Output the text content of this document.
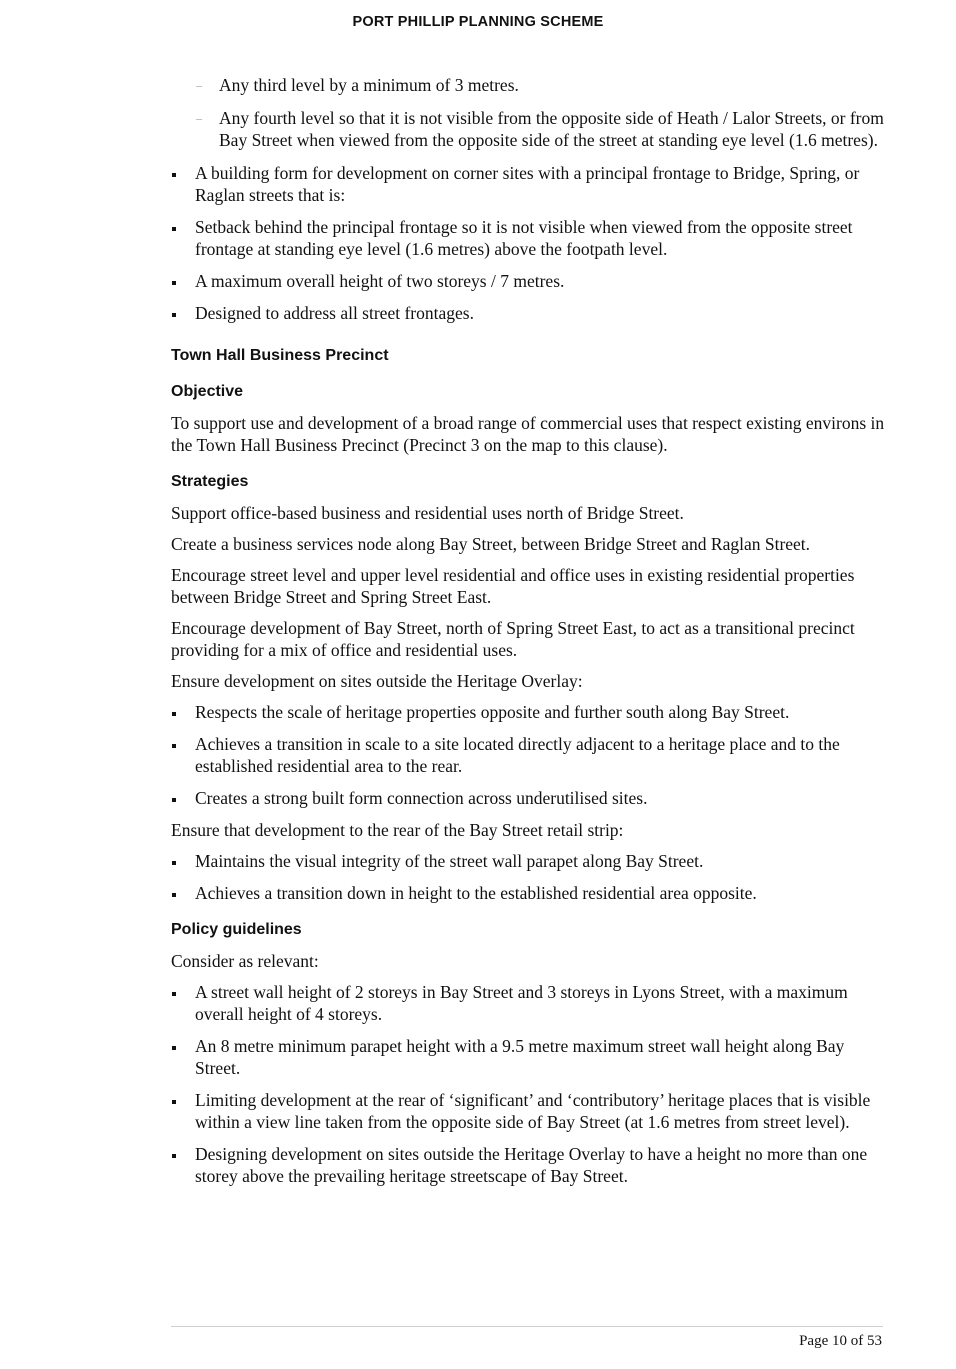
PORT PHILLIP PLANNING SCHEME
– Any third level by a minimum of 3 metres.
– Any fourth level so that it is not visible from the opposite side of Heath / Lalor Streets, or from Bay Street when viewed from the opposite side of the street at standing eye level (1.6 metres).
A building form for development on corner sites with a principal frontage to Bridge, Spring, or Raglan streets that is:
Setback behind the principal frontage so it is not visible when viewed from the opposite street frontage at standing eye level (1.6 metres) above the footpath level.
A maximum overall height of two storeys / 7 metres.
Designed to address all street frontages.
Town Hall Business Precinct
Objective

To support use and development of a broad range of commercial uses that respect existing environs in the Town Hall Business Precinct (Precinct 3 on the map to this clause).

Strategies

Support office-based business and residential uses north of Bridge Street.

Create a business services node along Bay Street, between Bridge Street and Raglan Street.

Encourage street level and upper level residential and office uses in existing residential properties between Bridge Street and Spring Street East.

Encourage development of Bay Street, north of Spring Street East, to act as a transitional precinct providing for a mix of office and residential uses.

Ensure development on sites outside the Heritage Overlay:

Respects the scale of heritage properties opposite and further south along Bay Street.
Achieves a transition in scale to a site located directly adjacent to a heritage place and to the established residential area to the rear.
Creates a strong built form connection across underutilised sites.

Ensure that development to the rear of the Bay Street retail strip:

Maintains the visual integrity of the street wall parapet along Bay Street.
Achieves a transition down in height to the established residential area opposite.
Policy guidelines

Consider as relevant:

A street wall height of 2 storeys in Bay Street and 3 storeys in Lyons Street, with a maximum overall height of 4 storeys.
An 8 metre minimum parapet height with a 9.5 metre maximum street wall height along Bay Street.
Limiting development at the rear of ‘significant’ and ‘contributory’ heritage places that is visible within a view line taken from the opposite side of Bay Street (at 1.6 metres from street level).
Designing development on sites outside the Heritage Overlay to have a height no more than one storey above the prevailing heritage streetscape of Bay Street.
Page 10 of 53
